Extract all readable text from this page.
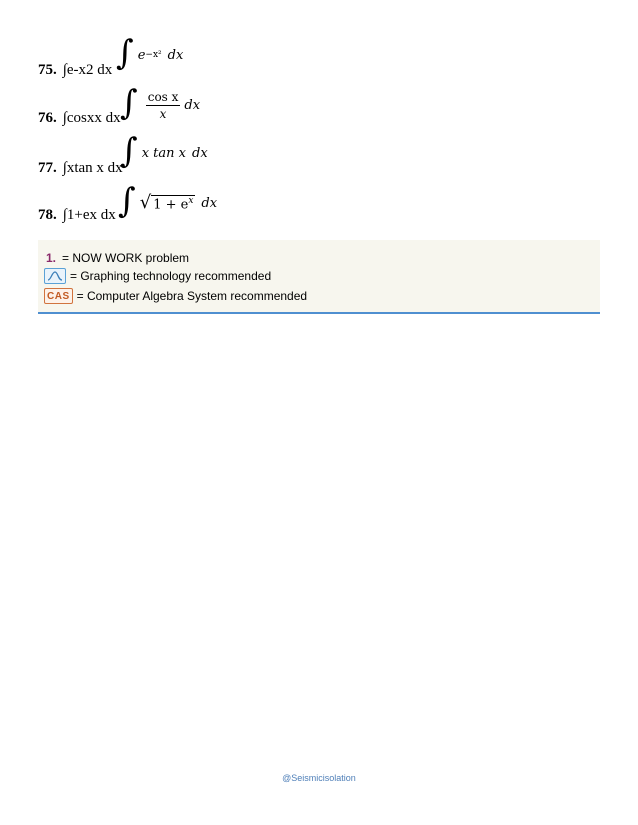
∫ e −x² dx
75. ∫e-x2 dx
∫ $\frac{\text{cos x}}{x}$ dx
76. ∫cosxx dx
∫ x tan x dx
77. ∫xtan x dx
∫ √ $1 + e^x$ dx
78. ∫1+ex dx
1. = NOW WORK problem
= Graphing technology recommended
CAS = Computer Algebra System recommended
@Seismicisolation
